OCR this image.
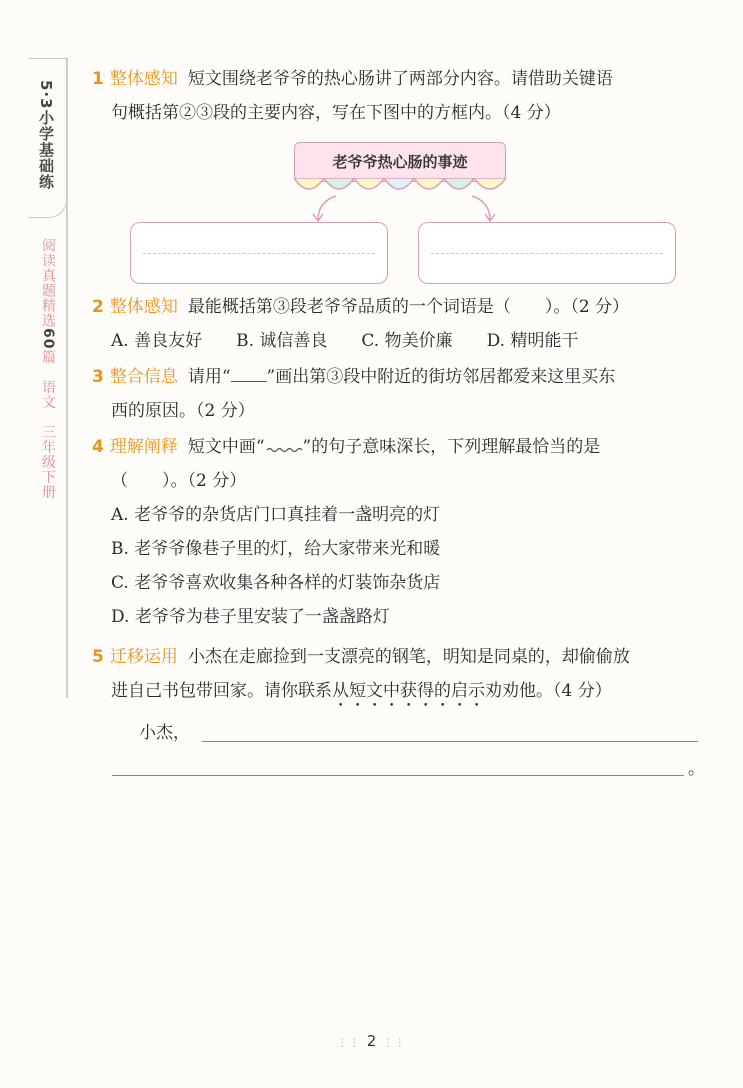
5·3小学基础练
阅读真题精选60篇　语文　三年级下册
1 整体感知 短文围绕老爷爷的热心肠讲了两部分内容。请借助关键语
句概括第②③段的主要内容，写在下图中的方框内。（4 分）
老爷爷热心肠的事迹
2 整体感知 最能概括第③段老爷爷品质的一个词语是（　　）。（2 分）
A. 善良友好 B. 诚信善良 C. 物美价廉 D. 精明能干
3 整合信息 请用“ ”画出第③段中附近的街坊邻居都爱来这里买东
西的原因。（2 分）
4 理解阐释 短文中画“ ”的句子意味深长，下列理解最恰当的是
（　　）。（2 分）
A. 老爷爷的杂货店门口真挂着一盏明亮的灯
B. 老爷爷像巷子里的灯，给大家带来光和暖
C. 老爷爷喜欢收集各种各样的灯装饰杂货店
D. 老爷爷为巷子里安装了一盏盏路灯
5 迁移运用 小杰在走廊捡到一支漂亮的钢笔，明知是同桌的，却偷偷放
进自己书包带回家。请你联系从短文中获得的启示劝劝他。（4 分）
小杰，
。
⋮⋮ 2 ⋮⋮
